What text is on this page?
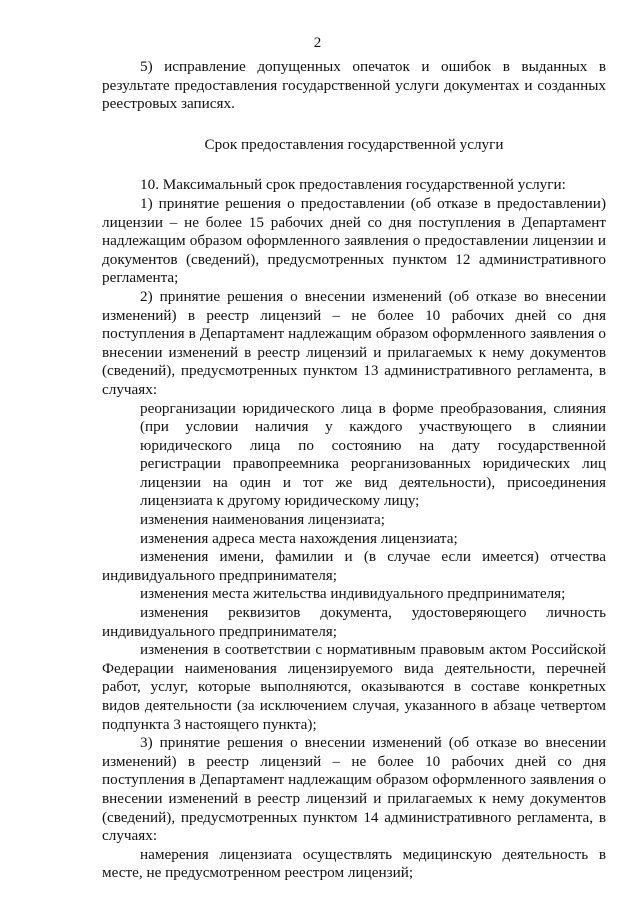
2

5) исправление допущенных опечаток и ошибок в выданных в результате предоставления государственной услуги документах и созданных реестровых записях.

Срок предоставления государственной услуги

10. Максимальный срок предоставления государственной услуги:

1) принятие решения о предоставлении (об отказе в предоставлении) лицензии – не более 15 рабочих дней со дня поступления в Департамент надлежащим образом оформленного заявления о предоставлении лицензии и документов (сведений), предусмотренных пунктом 12 административного регламента;

2) принятие решения о внесении изменений (об отказе во внесении изменений) в реестр лицензий – не более 10 рабочих дней со дня поступления в Департамент надлежащим образом оформленного заявления о внесении изменений в реестр лицензий и прилагаемых к нему документов (сведений), предусмотренных пунктом 13 административного регламента, в случаях:

реорганизации юридического лица в форме преобразования, слияния (при условии наличия у каждого участвующего в слиянии юридического лица по состоянию на дату государственной регистрации правопреемника реорганизованных юридических лиц лицензии на один и тот же вид деятельности), присоединения лицензиата к другому юридическому лицу;

изменения наименования лицензиата;

изменения адреса места нахождения лицензиата;

изменения имени, фамилии и (в случае если имеется) отчества индивидуального предпринимателя;

изменения места жительства индивидуального предпринимателя;

изменения реквизитов документа, удостоверяющего личность индивидуального предпринимателя;

изменения в соответствии с нормативным правовым актом Российской Федерации наименования лицензируемого вида деятельности, перечней работ, услуг, которые выполняются, оказываются в составе конкретных видов деятельности (за исключением случая, указанного в абзаце четвертом подпункта 3 настоящего пункта);

3) принятие решения о внесении изменений (об отказе во внесении изменений) в реестр лицензий – не более 10 рабочих дней со дня поступления в Департамент надлежащим образом оформленного заявления о внесении изменений в реестр лицензий и прилагаемых к нему документов (сведений), предусмотренных пунктом 14 административного регламента, в случаях:

намерения лицензиата осуществлять медицинскую деятельность в месте, не предусмотренном реестром лицензий;
